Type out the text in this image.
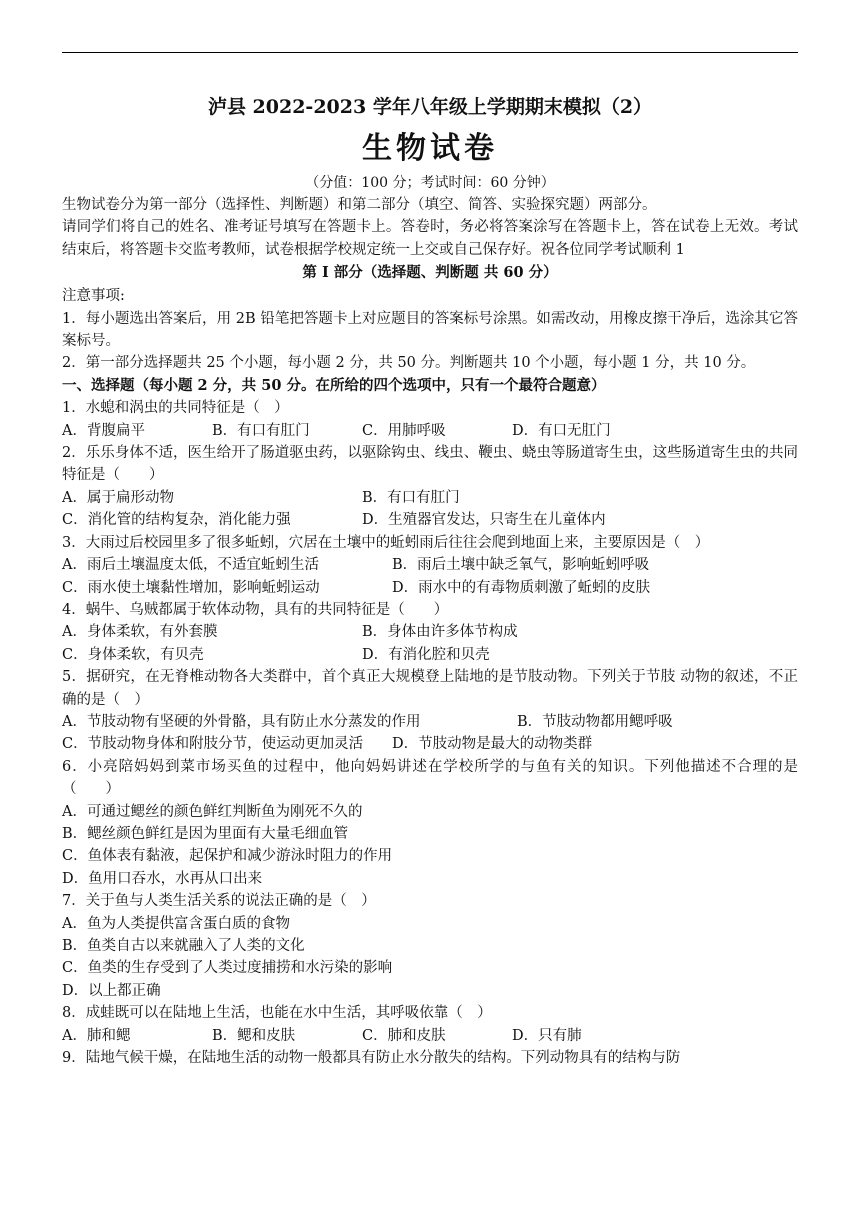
泸县 2022-2023 学年八年级上学期期末模拟（2）
生物试卷
（分值：100 分；考试时间：60 分钟）

生物试卷分为第一部分（选择性、判断题）和第二部分（填空、简答、实验探究题）两部分。

请同学们将自己的姓名、准考证号填写在答题卡上。答卷时，务必将答案涂写在答题卡上，答在试卷上无效。考试结束后，将答题卡交监考教师，试卷根据学校规定统一上交或自己保存好。祝各位同学考试顺利 1

第 I 部分（选择题、判断题 共 60 分）

注意事项:

1．每小题选出答案后，用 2B 铅笔把答题卡上对应题目的答案标号涂黑。如需改动，用橡皮擦干净后，选涂其它答案标号。

2．第一部分选择题共 25 个小题，每小题 2 分，共 50 分。判断题共 10 个小题，每小题 1 分，共 10 分。

一、选择题（每小题 2 分，共 50 分。在所给的四个选项中，只有一个最符合题意）

1．水螅和涡虫的共同特征是（　）

A．背腹扁平	B．有口有肛门	C．用肺呼吸	D．有口无肛门

2．乐乐身体不适，医生给开了肠道驱虫药，以驱除钩虫、线虫、鞭虫、蛲虫等肠道寄生虫，这些肠道寄生虫的共同特征是（　　）

A．属于扁形动物	B．有口有肛门
C．消化管的结构复杂，消化能力强	D．生殖器官发达，只寄生在儿童体内

3．大雨过后校园里多了很多蚯蚓，穴居在土壤中的蚯蚓雨后往往会爬到地面上来，主要原因是（　）

A．雨后土壤温度太低，不适宜蚯蚓生活	B．雨后土壤中缺乏氧气，影响蚯蚓呼吸
C．雨水使土壤黏性增加，影响蚯蚓运动	D．雨水中的有毒物质刺激了蚯蚓的皮肤

4．蜗牛、乌贼都属于软体动物，具有的共同特征是（　　）

A．身体柔软，有外套膜	B．身体由许多体节构成
C．身体柔软，有贝壳	D．有消化腔和贝壳

5．据研究，在无脊椎动物各大类群中，首个真正大规模登上陆地的是节肢动物。下列关于节肢 动物的叙述，不正确的是（　）

A．节肢动物有坚硬的外骨骼，具有防止水分蒸发的作用	B．节肢动物都用鳃呼吸
C．节肢动物身体和附肢分节，使运动更加灵活	D．节肢动物是最大的动物类群

6．小亮陪妈妈到菜市场买鱼的过程中，他向妈妈讲述在学校所学的与鱼有关的知识。下列他描述不合理的是（　　）

A．可通过鳃丝的颜色鲜红判断鱼为刚死不久的

B．鳃丝颜色鲜红是因为里面有大量毛细血管

C．鱼体表有黏液，起保护和减少游泳时阻力的作用

D．鱼用口吞水，水再从口出来

7．关于鱼与人类生活关系的说法正确的是（　）

A．鱼为人类提供富含蛋白质的食物

B．鱼类自古以来就融入了人类的文化

C．鱼类的生存受到了人类过度捕捞和水污染的影响

D．以上都正确

8．成蛙既可以在陆地上生活，也能在水中生活，其呼吸依靠（　）

A．肺和鳃	B．鳃和皮肤	C．肺和皮肤	D．只有肺

9．陆地气候干燥，在陆地生活的动物一般都具有防止水分散失的结构。下列动物具有的结构与防
